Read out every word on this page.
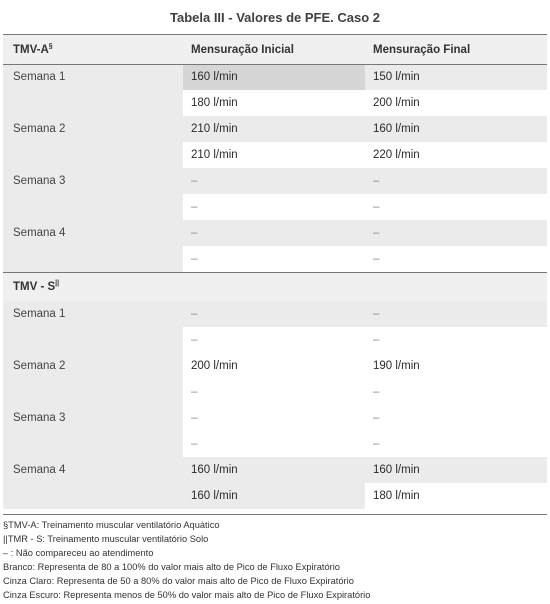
Tabela III - Valores de PFE. Caso 2
TMV-A§	Mensuração Inicial	Mensuração Final
Semana 1	160 l/min	150 l/min
	180 l/min	200 l/min
Semana 2	210 l/min	160 l/min
	210 l/min	220 l/min
Semana 3	–	–
	–	–
Semana 4	–	–
	–	–
TMV - S||		
Semana 1	–	–
	–	–
Semana 2	200 l/min	190 l/min
	–	–
Semana 3	–	–
	–	–
Semana 4	160 l/min	160 l/min
	160 l/min	180 l/min
§TMV-A: Treinamento muscular ventilatório Aquático
||TMR - S: Treinamento muscular ventilatório Solo
– : Não compareceu ao atendimento
Branco: Representa de 80 a 100% do valor mais alto de Pico de Fluxo Expiratório
Cinza Claro: Representa de 50 a 80% do valor mais alto de Pico de Fluxo Expiratório
Cinza Escuro: Representa menos de 50% do valor mais alto de Pico de Fluxo Expiratório
